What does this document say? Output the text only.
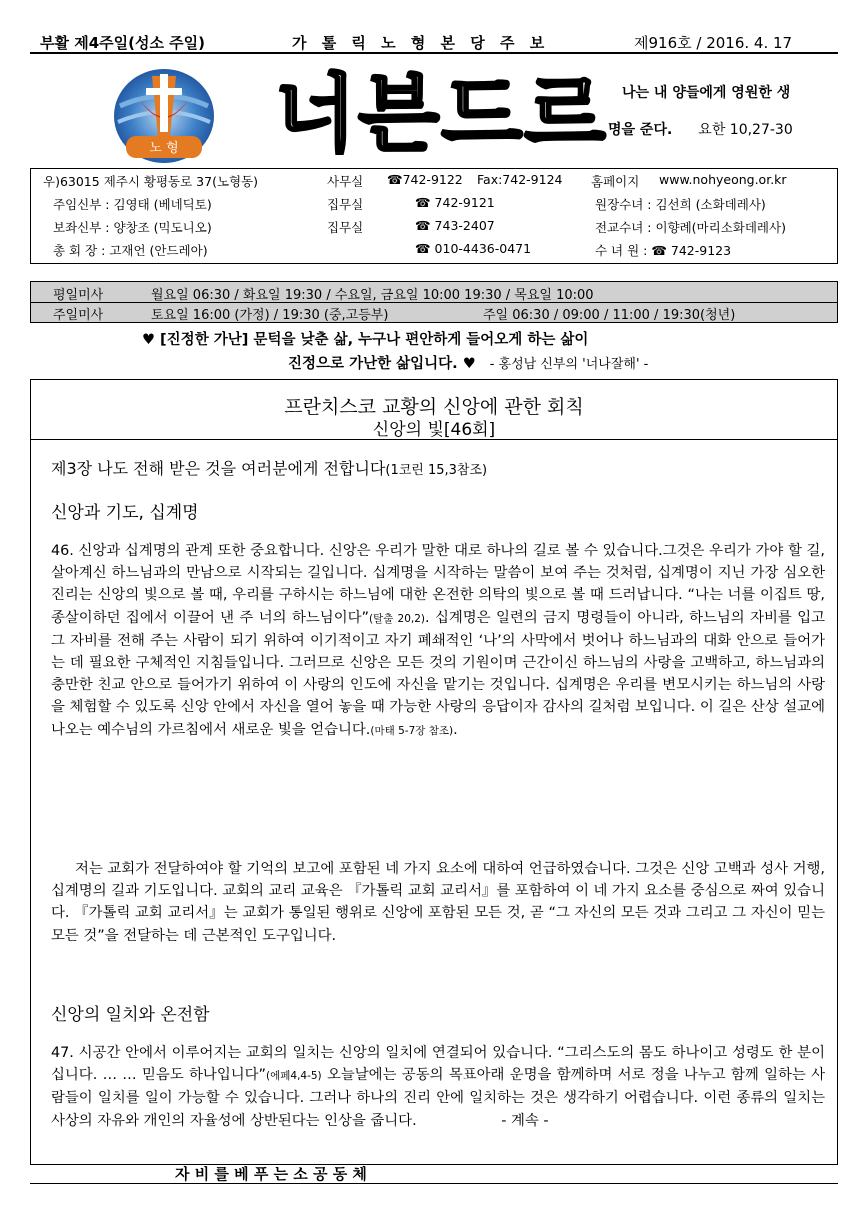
부활 제4주일(성소 주일)	가 톨 릭 노 형 본 당 주 보	제916호 / 2016. 4. 17
노 형 너븐드르 나는 내 양들에게 영원한 생
명을 준다. 요한 10,27-30
우)63015 제주시 황평동로 37(노형동)	사무실 ☎742-9122 Fax:742-9124 홈페이지 www.nohyeong.or.kr
주임신부 : 김영태 (베네딕토)	집무실	☎ 742-9121	원장수녀 : 김선희 (소화데레사)
보좌신부 : 양창조 (믹도니오)	집무실	☎ 743-2407	전교수녀 : 이향례(마리소화데레사)
총 회 장 : 고재언 (안드레아)	☎ 010-4436-0471	수 녀 원 : ☎ 742-9123
평일미사	월요일 06:30 / 화요일 19:30 / 수요일, 금요일 10:00 19:30 / 목요일 10:00
주일미사	토요일 16:00 (가정) / 19:30 (중,고등부)	주일 06:30 / 09:00 / 11:00 / 19:30(청년)
♥ [진정한 가난] 문턱을 낮춘 삶, 누구나 편안하게 들어오게 하는 삶이
진정으로 가난한 삶입니다. ♥ - 홍성남 신부의 '너나잘해' -
프란치스코 교황의 신앙에 관한 회칙
신앙의 빛[46회]
제3장 나도 전해 받은 것을 여러분에게 전합니다(1코린 15,3참조)
신앙과 기도, 십계명
46. 신앙과 십계명의 관계 또한 중요합니다. 신앙은 우리가 말한 대로 하나의 길로 볼 수 있습니다.그것은 우리가 가야 할 길, 살아계신 하느님과의 만남으로 시작되는 길입니다. 십계명을 시작하는 말씀이 보여 주는 것처럼, 십계명이 지닌 가장 심오한 진리는 신앙의 빛으로 볼 때, 우리를 구하시는 하느님에 대한 온전한 의탁의 빛으로 볼 때 드러납니다. “나는 너를 이집트 땅, 종살이하던 집에서 이끌어 낸 주 너의 하느님이다”(탈출 20,2). 십계명은 일련의 금지 명령들이 아니라, 하느님의 자비를 입고 그 자비를 전해 주는 사람이 되기 위하여 이기적이고 자기 폐쇄적인 ‘나’의 사막에서 벗어나 하느님과의 대화 안으로 들어가는 데 필요한 구체적인 지침들입니다. 그러므로 신앙은 모든 것의 기원이며 근간이신 하느님의 사랑을 고백하고, 하느님과의 충만한 친교 안으로 들어가기 위하여 이 사랑의 인도에 자신을 맡기는 것입니다. 십계명은 우리를 변모시키는 하느님의 사랑을 체험할 수 있도록 신앙 안에서 자신을 열어 놓을 때 가능한 사랑의 응답이자 감사의 길처럼 보입니다. 이 길은 산상 설교에 나오는 예수님의 가르침에서 새로운 빛을 얻습니다.(마태 5-7장 참조).
저는 교회가 전달하여야 할 기억의 보고에 포함된 네 가지 요소에 대하여 언급하였습니다. 그것은 신앙 고백과 성사 거행, 십계명의 길과 기도입니다. 교회의 교리 교육은 『가톨릭 교회 교리서』를 포함하여 이 네 가지 요소를 중심으로 짜여 있습니다. 『가톨릭 교회 교리서』는 교회가 통일된 행위로 신앙에 포함된 모든 것, 곧 “그 자신의 모든 것과 그리고 그 자신이 믿는 모든 것”을 전달하는 데 근본적인 도구입니다.
신앙의 일치와 온전함
47. 시공간 안에서 이루어지는 교회의 일치는 신앙의 일치에 연결되어 있습니다. “그리스도의 몸도 하나이고 성령도 한 분이십니다. … … 믿음도 하나입니다”(에페4,4-5) 오늘날에는 공동의 목표아래 운명을 함께하며 서로 정을 나누고 함께 일하는 사람들이 일치를 일이 가능할 수 있습니다. 그러나 하나의 진리 안에 일치하는 것은 생각하기 어렵습니다. 이런 종류의 일치는 사상의 자유와 개인의 자율성에 상반된다는 인상을 줍니다.	- 계속 -
자 비 를 베 푸 는 소 공 동 체
